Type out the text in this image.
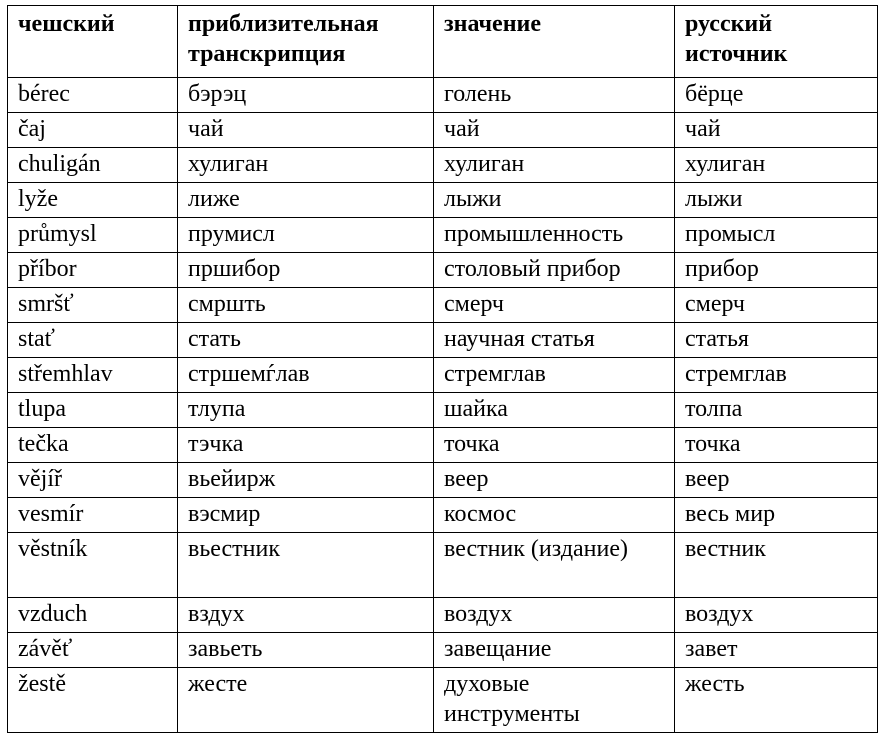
чешский	приблизительная транскрипция	значение	русский источник
bérec	бэрэц	голень	бёрце
čaj	чай	чай	чай
chuligán	хулиган	хулиган	хулиган
lyže	лиже	лыжи	лыжи
průmysl	прумисл	промышленность	промысл
příbor	пршибор	столовый прибор	прибор
smršť	смршть	смерч	смерч
stať	стать	научная статья	статья
střemhlav	стршемѓлав	стремглав	стремглав
tlupa	тлупа	шайка	толпа
tečka	тэчка	точка	точка
vějíř	вьейирж	веер	веер
vesmír	вэсмир	космос	весь мир
věstník	вьестник	вестник (издание)	вестник
vzduch	вздух	воздух	воздух
závěť	завьеть	завещание	завет
žestě	жесте	духовые инструменты	жесть
